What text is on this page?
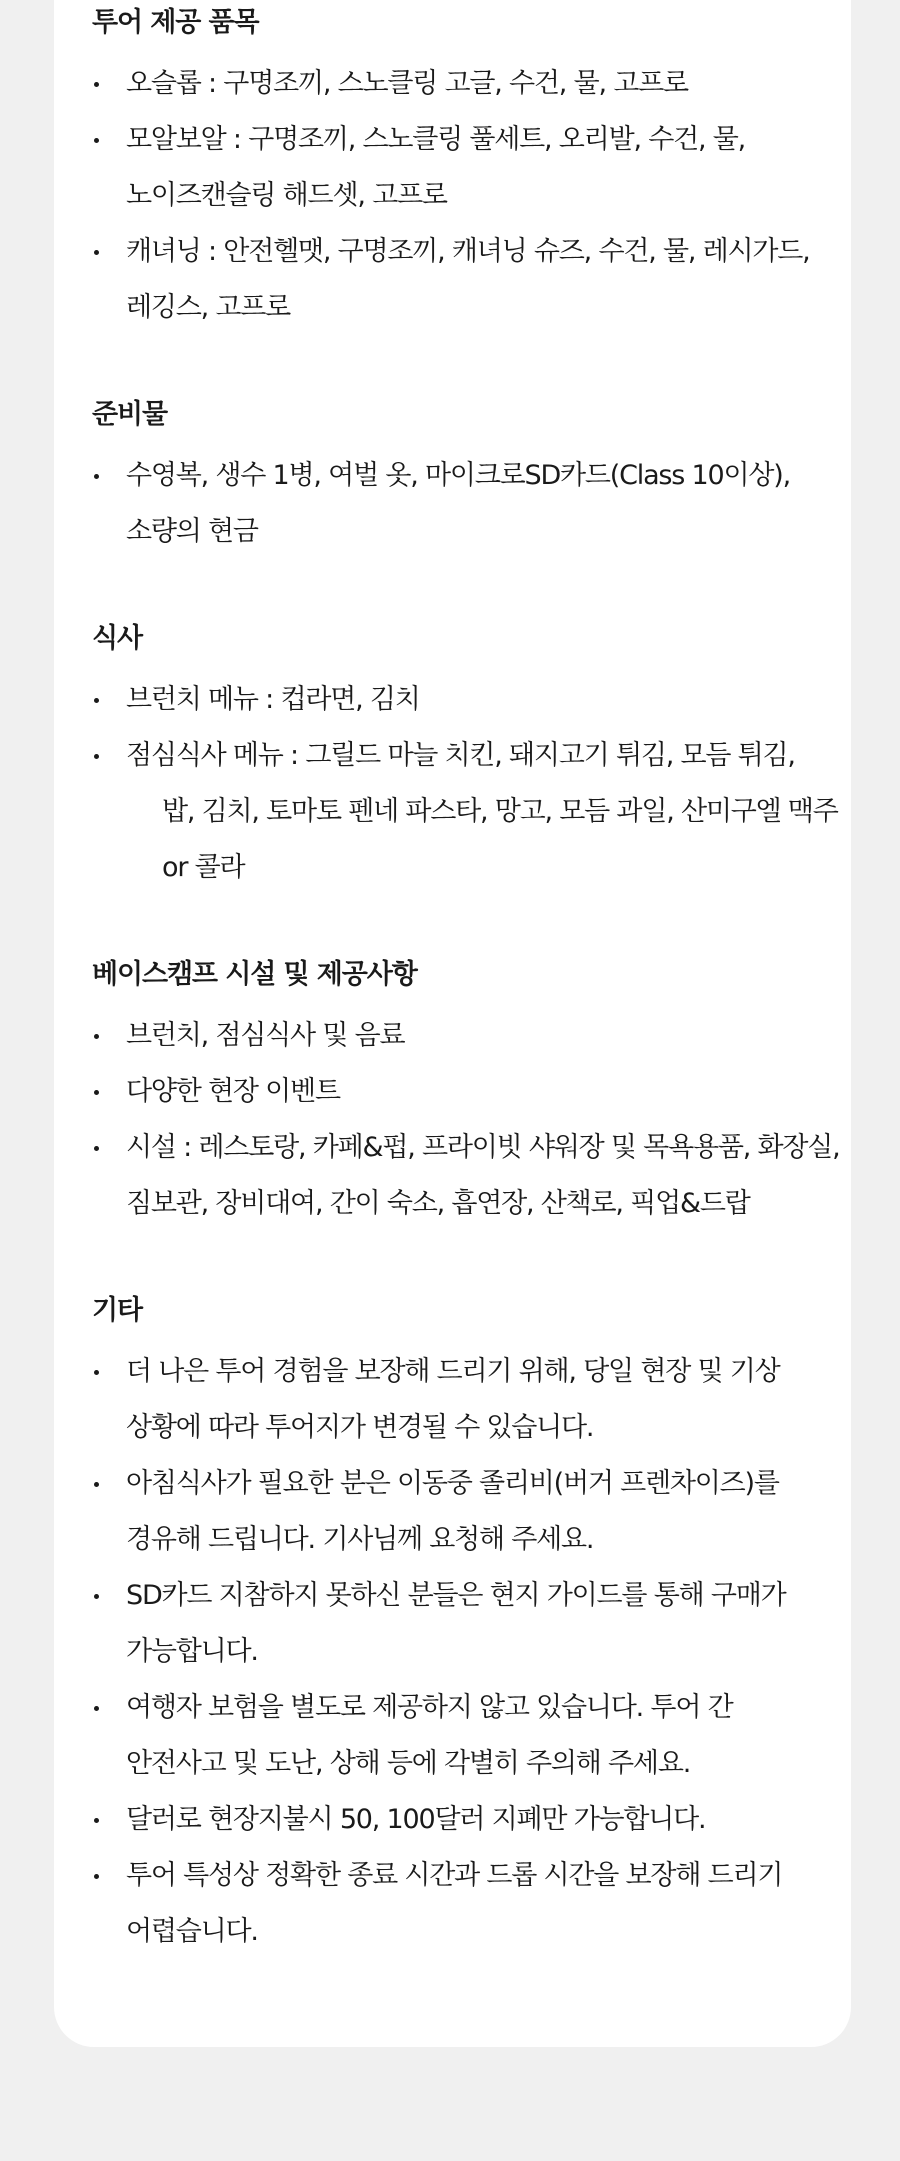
투어 제공 품목
오슬롭 : 구명조끼, 스노클링 고글, 수건, 물, 고프로
모알보알 : 구명조끼, 스노클링 풀세트, 오리발, 수건, 물,
노이즈캔슬링 해드셋, 고프로
캐녀닝 : 안전헬맷, 구명조끼, 캐녀닝 슈즈, 수건, 물, 레시가드,
레깅스, 고프로
준비물
수영복, 생수 1병, 여벌 옷, 마이크로SD카드(Class 10이상),
소량의 현금
식사
브런치 메뉴 : 컵라면, 김치
점심식사 메뉴 : 그릴드 마늘 치킨, 돼지고기 튀김, 모듬 튀김,
밥, 김치, 토마토 펜네 파스타, 망고, 모듬 과일, 산미구엘 맥주
or 콜라
베이스캠프 시설 및 제공사항
브런치, 점심식사 및 음료
다양한 현장 이벤트
시설 : 레스토랑, 카페&펍, 프라이빗 샤워장 및 목욕용품, 화장실,
짐보관, 장비대여, 간이 숙소, 흡연장, 산책로, 픽업&드랍
기타
더 나은 투어 경험을 보장해 드리기 위해, 당일 현장 및 기상
상황에 따라 투어지가 변경될 수 있습니다.
아침식사가 필요한 분은 이동중 졸리비(버거 프렌차이즈)를
경유해 드립니다. 기사님께 요청해 주세요.
SD카드 지참하지 못하신 분들은 현지 가이드를 통해 구매가
가능합니다.
여행자 보험을 별도로 제공하지 않고 있습니다. 투어 간
안전사고 및 도난, 상해 등에 각별히 주의해 주세요.
달러로 현장지불시 50, 100달러 지폐만 가능합니다.
투어 특성상 정확한 종료 시간과 드롭 시간을 보장해 드리기
어렵습니다.
